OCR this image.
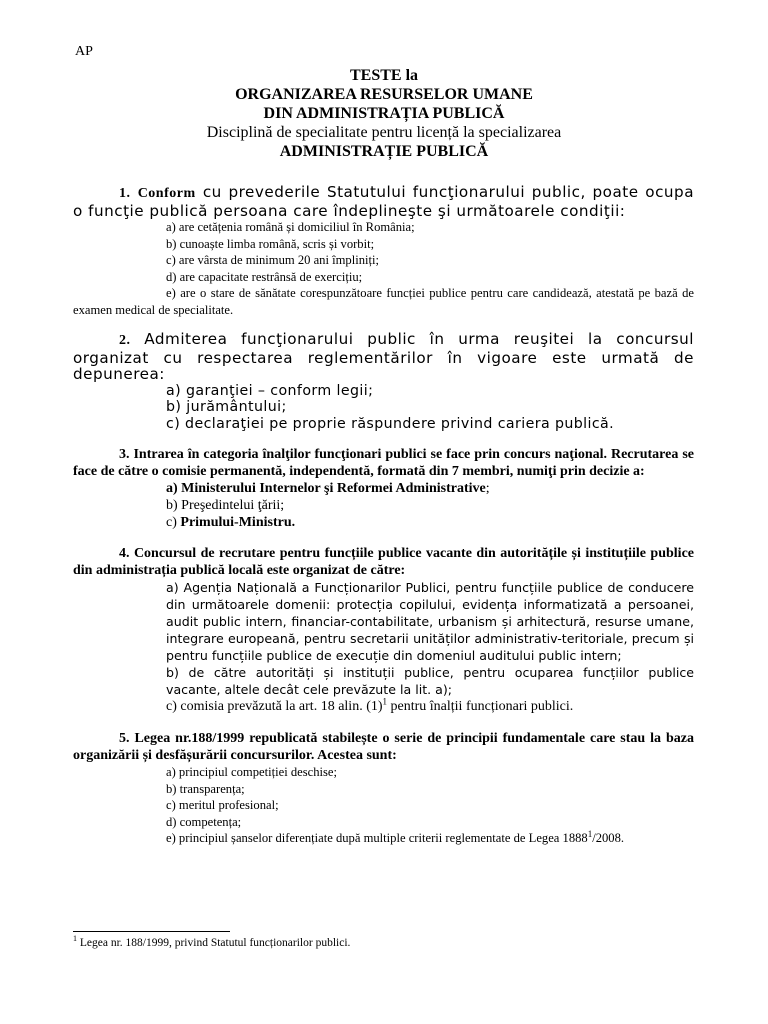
AP
TESTE la
ORGANIZAREA RESURSELOR UMANE
DIN ADMINISTRAȚIA PUBLICĂ
Disciplină de specialitate pentru licență la specializarea
ADMINISTRAȚIE PUBLICĂ
1. Conform cu prevederile Statutului funcţionarului public, poate ocupa o funcţie publică persoana care îndeplineşte şi următoarele condiţii:
a) are cetățenia română și domiciliul în România;
b) cunoaște limba română, scris și vorbit;
c) are vârsta de minimum 20 ani împliniți;
d) are capacitate restrânsă de exercițiu;
e) are o stare de sănătate corespunzătoare funcției publice pentru care candidează, atestată pe bază de examen medical de specialitate.
2. Admiterea funcţionarului public în urma reuşitei la concursul organizat cu respectarea reglementărilor în vigoare este urmată de depunerea:
a) garanţiei – conform legii;
b) jurământului;
c) declaraţiei pe proprie răspundere privind cariera publică.
3. Intrarea în categoria înalţilor funcţionari publici se face prin concurs naţional. Recrutarea se face de către o comisie permanentă, independentă, formată din 7 membri, numiţi prin decizie a:
a) Ministerului Internelor şi Reformei Administrative;
b) Preşedintelui ţării;
c) Primului-Ministru.
4. Concursul de recrutare pentru funcțiile publice vacante din autoritățile și instituțiile publice din administrația publică locală este organizat de către:
a) Agenția Națională a Funcționarilor Publici, pentru funcțiile publice de conducere din următoarele domenii: protecția copilului, evidența informatizată a persoanei, audit public intern, financiar-contabilitate, urbanism și arhitectură, resurse umane, integrare europeană, pentru secretarii unităților administrativ-teritoriale, precum și pentru funcțiile publice de execuție din domeniul auditului public intern;
b) de către autorități și instituții publice, pentru ocuparea funcțiilor publice vacante, altele decât cele prevăzute la lit. a);
c) comisia prevăzută la art. 18 alin. $(1)^1$ pentru înalții funcționari publici.
5. Legea nr.188/1999 republicată stabilește o serie de principii fundamentale care stau la baza organizării și desfășurării concursurilor. Acestea sunt:
a) principiul competiției deschise;
b) transparența;
c) meritul profesional;
d) competența;
e) principiul șanselor diferențiate după multiple criterii reglementate de Legea 1888$^1$/2008.
$^1$ Legea nr. 188/1999, privind Statutul funcționarilor publici.
